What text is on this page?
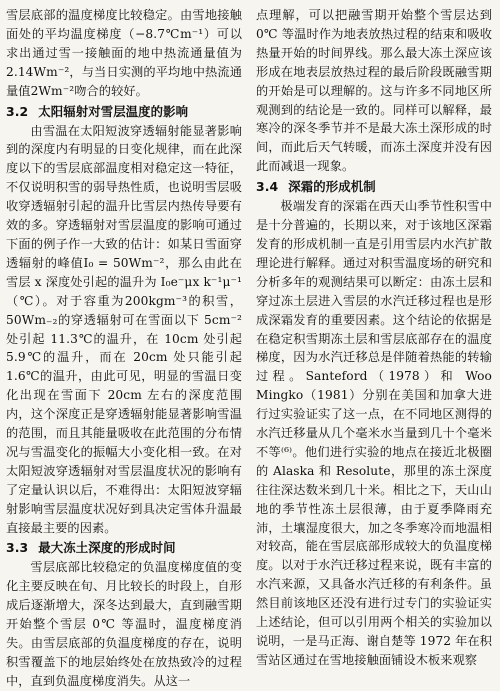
雪层底部的温度梯度比较稳定。由雪地接触面处的平均温度梯度（−8.7℃m⁻¹）可以求出通过雪一接触面的地中热流通量值为2.14Wm⁻²，与当日实测的平均地中热流通量值2Wm⁻²吻合的较好。

3.2 太阳辐射对雪层温度的影响

由雪温在太阳短波穿透辐射能显著影响到的深度内有明显的日变化规律，而在此深度以下的雪层底部温度相对稳定这一特征，不仅说明积雪的弱导热性质，也说明雪层吸收穿透辐射引起的温升比雪层内热传导要有效的多。穿透辐射对雪层温度的影响可通过下面的例子作一大致的估计：如某日雪面穿透辐射的峰值I₀ = 50Wm⁻²，那么由此在雪层 x 深度处引起的温升为 I₀e⁻μx k⁻¹μ⁻¹（℃）。对于容重为200kgm⁻³的积雪，50Wm₋₂的穿透辐射可在雪面以下 5cm⁻² 处引起 11.3℃的温升，在 10cm 处引起 5.9℃的温升，而在 20cm 处只能引起 1.6℃的温升，由此可见，明显的雪温日变化出现在雪面下 20cm 左右的深度范围内，这个深度正是穿透辐射能显著影响雪温的范围，而且其能量吸收在此范围的分布情况与雪温变化的振幅大小变化相一致。在对太阳短波穿透辐射对雪层温度状况的影响有了定量认识以后，不难得出：太阳短波穿辐射影响雪层温度状况好到具决定雪体升温最直接最主要的因素。

3.3 最大冻土深度的形成时间

雪层底部比较稳定的负温度梯度值的变化主要反映在旬、月比较长的时段上，自形成后逐渐增大，深冬达到最大，直到融雪期开始整个雪层 0℃ 等温时，温度梯度消失。由雪层底部的负温度梯度的存在，说明积雪覆盖下的地层始终处在放热致冷的过程中，直到负温度梯度消失。从这一

点理解，可以把融雪期开始整个雪层达到 0℃ 等温时作为地表放热过程的结束和吸收热量开始的时间界线。那么最大冻土深应该形成在地表层放热过程的最后阶段既融雪期的开始是可以理解的。这与许多不同地区所观测到的结论是一致的。同样可以解释，最寒冷的深冬季节并不是最大冻土深形成的时间，而此后天气转暖，而冻土深度并没有因此而减退一现象。

3.4 深霜的形成机制

极端发育的深霜在西天山季节性积雪中是十分普遍的，长期以来，对于该地区深霜发育的形成机制一直是引用雪层内水汽扩散理论进行解释。通过对积雪温度场的研究和分析多年的观测结果可以断定：由冻土层和穿过冻土层进入雪层的水汽迁移过程也是形成深霜发育的重要因素。这个结论的依据是在稳定积雪期冻土层和雪层底部存在的温度梯度，因为水汽迁移总是伴随着热能的转输过程。Santeford（1978）和 Woo Mingko（1981）分别在美国和加拿大进行过实验证实了这一点，在不同地区测得的水汽迁移量从几个毫米水当量到几十个毫米不等⁽⁶⁾。他们进行实验的地点在接近北极圈的 Alaska 和 Resolute，那里的冻土深度往往深达数米到几十米。相比之下，天山山地的季节性冻土层很薄，由于夏季降雨充沛，土壤湿度很大，加之冬季寒冷而地温相对较高，能在雪层底部形成较大的负温度梯度。以对于水汽迁移过程来说，既有丰富的水汽来源，又具备水汽迁移的有利条件。虽然目前该地区还没有进行过专门的实验证实上述结论，但可以引用两个相关的实验加以说明，一是马正海、谢自楚等 1972 年在积雪站区通过在雪地接触面铺设木板来观察
